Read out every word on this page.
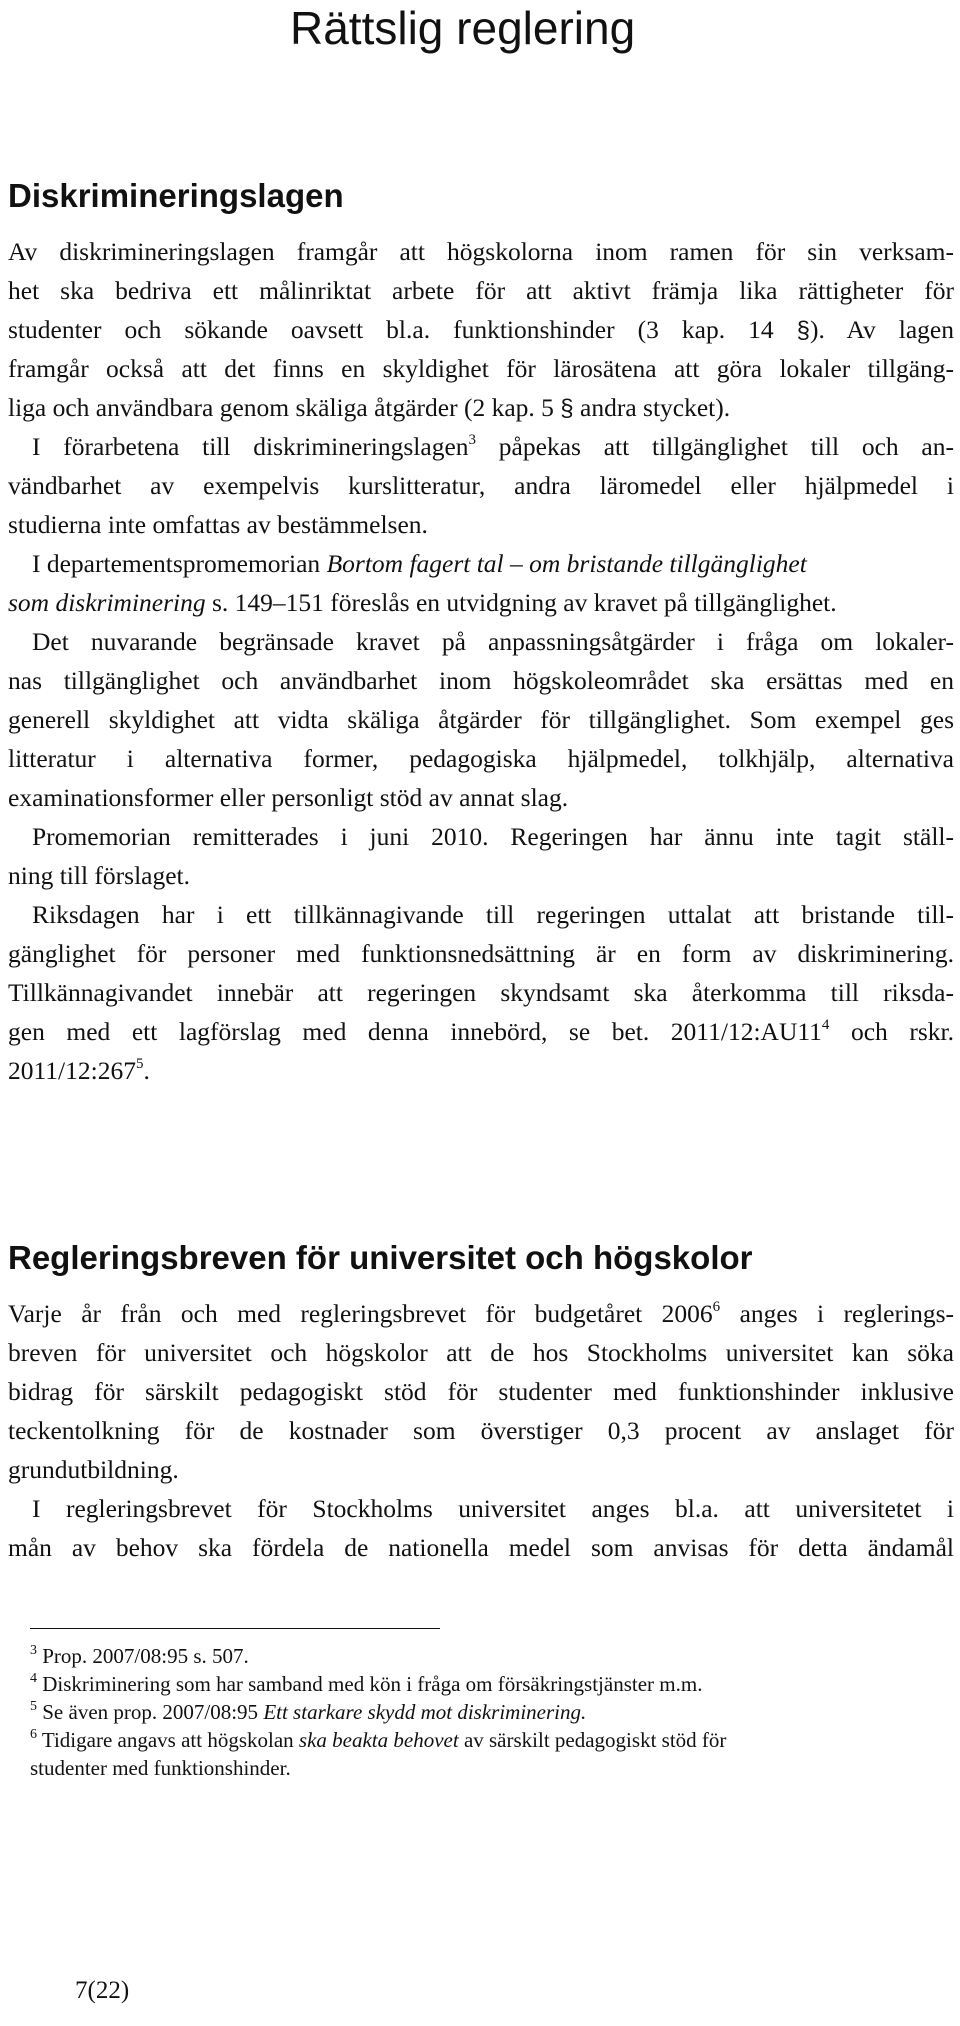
Rättslig reglering
Diskrimineringslagen
Av diskrimineringslagen framgår att högskolorna inom ramen för sin verksam-
het ska bedriva ett målinriktat arbete för att aktivt främja lika rättigheter för
studenter och sökande oavsett bl.a. funktionshinder (3 kap. 14 §). Av lagen
framgår också att det finns en skyldighet för lärosätena att göra lokaler tillgäng-
liga och användbara genom skäliga åtgärder (2 kap. 5 § andra stycket).
I förarbetena till diskrimineringslagen$^3$ påpekas att tillgänglighet till och an-
vändbarhet av exempelvis kurslitteratur, andra läromedel eller hjälpmedel i
studierna inte omfattas av bestämmelsen.
I departementspromemorian Bortom fagert tal – om bristande tillgänglighet
som diskriminering s. 149–151 föreslås en utvidgning av kravet på tillgänglighet.
Det nuvarande begränsade kravet på anpassningsåtgärder i fråga om lokaler-
nas tillgänglighet och användbarhet inom högskoleområdet ska ersättas med en
generell skyldighet att vidta skäliga åtgärder för tillgänglighet. Som exempel ges
litteratur i alternativa former, pedagogiska hjälpmedel, tolkhjälp, alternativa
examinationsformer eller personligt stöd av annat slag.
Promemorian remitterades i juni 2010. Regeringen har ännu inte tagit ställ-
ning till förslaget.
Riksdagen har i ett tillkännagivande till regeringen uttalat att bristande till-
gänglighet för personer med funktionsnedsättning är en form av diskriminering.
Tillkännagivandet innebär att regeringen skyndsamt ska återkomma till riksda-
gen med ett lagförslag med denna innebörd, se bet. $2011/12:AU11^4$ och rskr.
$2011/12:267^5$.
Regleringsbreven för universitet och högskolor
Varje år från och med regleringsbrevet för budgetåret 2006$^6$ anges i reglerings-
breven för universitet och högskolor att de hos Stockholms universitet kan söka
bidrag för särskilt pedagogiskt stöd för studenter med funktionshinder inklusive
teckentolkning för de kostnader som överstiger 0,3 procent av anslaget för
grundutbildning.
I regleringsbrevet för Stockholms universitet anges bl.a. att universitetet i
mån av behov ska fördela de nationella medel som anvisas för detta ändamål
$^3$ Prop. 2007/08:95 s. 507.
$^4$ Diskriminering som har samband med kön i fråga om försäkringstjänster m.m.
$^5$ Se även prop. 2007/08:95 Ett starkare skydd mot diskriminering.
$^6$ Tidigare angavs att högskolan ska beakta behovet av särskilt pedagogiskt stöd för
studenter med funktionshinder.

7(22)
